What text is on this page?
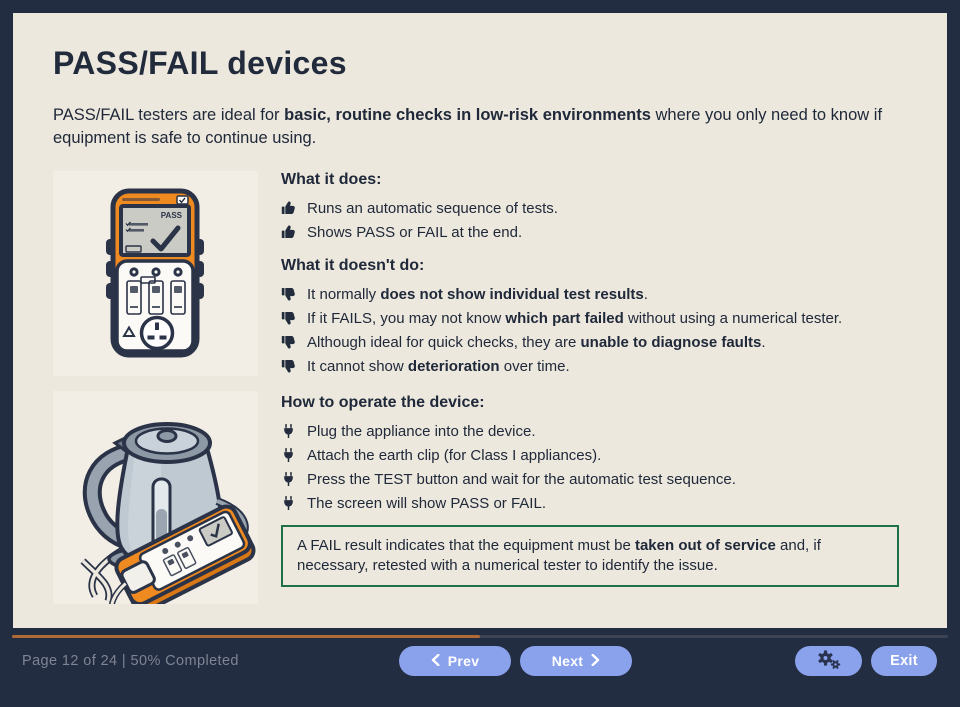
PASS/FAIL devices

PASS/FAIL testers are ideal for basic, routine checks in low-risk environments where you only need to know if equipment is safe to continue using.

PASS
What it does:
Runs an automatic sequence of tests.
Shows PASS or FAIL at the end.
What it doesn't do:
It normally does not show individual test results.
If it FAILS, you may not know which part failed without using a numerical tester.
Although ideal for quick checks, they are unable to diagnose faults.
It cannot show deterioration over time.
How to operate the device:
Plug the appliance into the device.
Attach the earth clip (for Class I appliances).
Press the TEST button and wait for the automatic test sequence.
The screen will show PASS or FAIL.

A FAIL result indicates that the equipment must be taken out of service and, if necessary, retested with a numerical tester to identify the issue.

Page 12 of 24 | 50% Completed	Prev	Next	Exit
